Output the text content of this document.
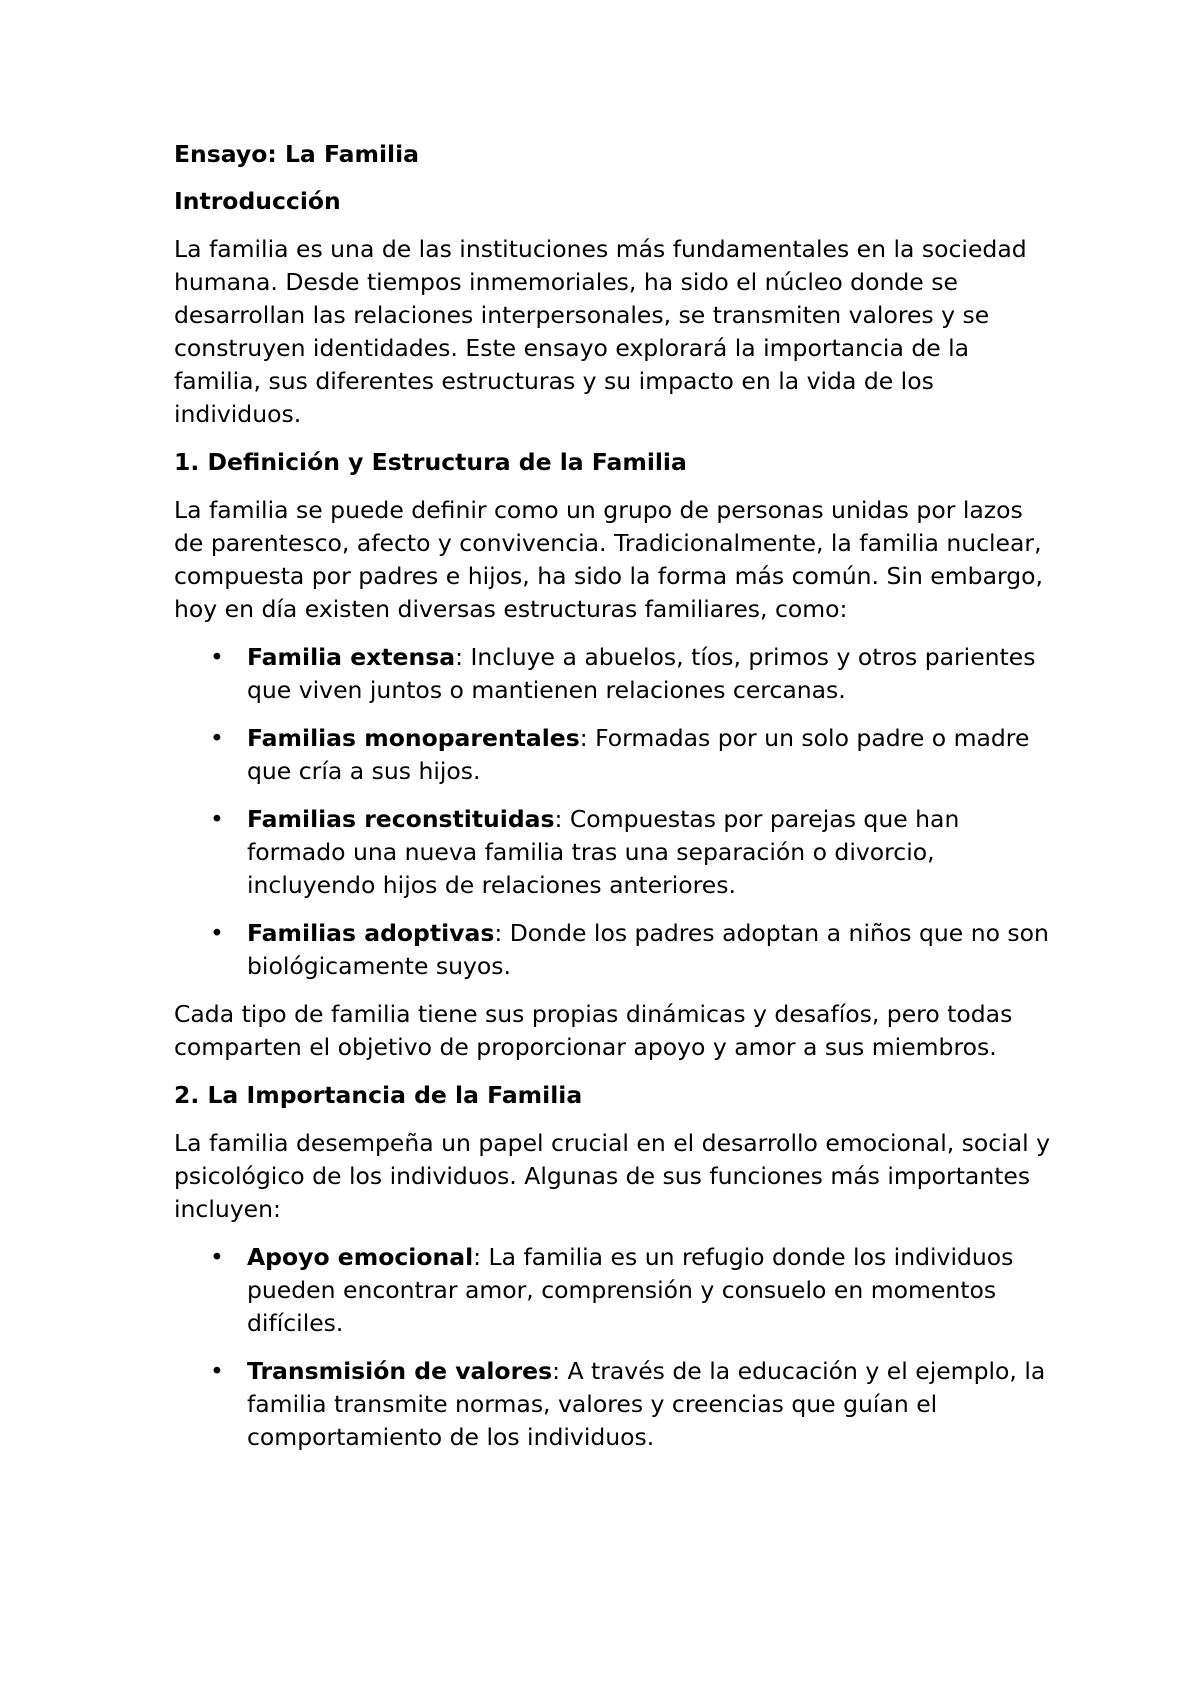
Ensayo: La Familia
Introducción

La familia es una de las instituciones más fundamentales en la sociedad humana. Desde tiempos inmemoriales, ha sido el núcleo donde se desarrollan las relaciones interpersonales, se transmiten valores y se construyen identidades. Este ensayo explorará la importancia de la familia, sus diferentes estructuras y su impacto en la vida de los individuos.

1. Definición y Estructura de la Familia

La familia se puede definir como un grupo de personas unidas por lazos de parentesco, afecto y convivencia. Tradicionalmente, la familia nuclear, compuesta por padres e hijos, ha sido la forma más común. Sin embargo, hoy en día existen diversas estructuras familiares, como:

• Familia extensa: Incluye a abuelos, tíos, primos y otros parientes que viven juntos o mantienen relaciones cercanas.
• Familias monoparentales: Formadas por un solo padre o madre que cría a sus hijos.
• Familias reconstituidas: Compuestas por parejas que han formado una nueva familia tras una separación o divorcio, incluyendo hijos de relaciones anteriores.
• Familias adoptivas: Donde los padres adoptan a niños que no son biológicamente suyos.

Cada tipo de familia tiene sus propias dinámicas y desafíos, pero todas comparten el objetivo de proporcionar apoyo y amor a sus miembros.

2. La Importancia de la Familia

La familia desempeña un papel crucial en el desarrollo emocional, social y psicológico de los individuos. Algunas de sus funciones más importantes incluyen:

• Apoyo emocional: La familia es un refugio donde los individuos pueden encontrar amor, comprensión y consuelo en momentos difíciles.
• Transmisión de valores: A través de la educación y el ejemplo, la familia transmite normas, valores y creencias que guían el comportamiento de los individuos.
